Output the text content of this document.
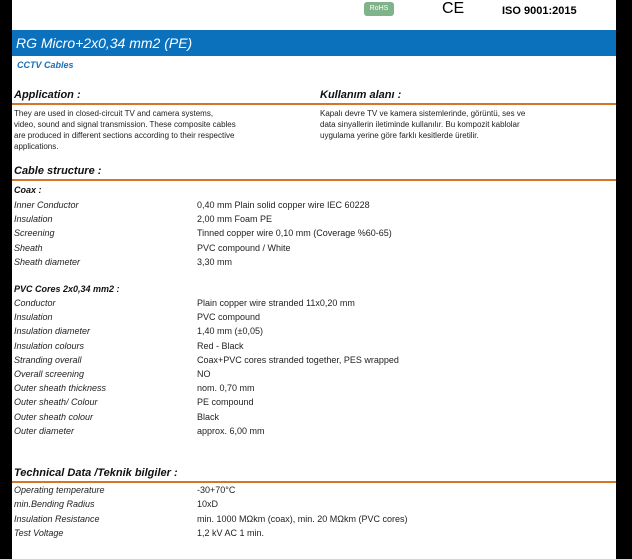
RoHS	CE	ISO 9001:2015
RG Micro+2x0,34 mm2 (PE)
CCTV Cables
Application :	Kullanım alanı :
They are used in closed-circuit TV and camera systems,
video, sound and signal transmission. These composite cables
are produced in different sections according to their respective
applications.
Kapalı devre TV ve kamera sistemlerinde, görüntü, ses ve
data sinyallerin iletiminde kullanılır. Bu kompozit kablolar
uygulama yerine göre farklı kesitlerde üretilir.
Cable structure :
Coax :
Inner Conductor	0,40 mm Plain solid copper wire IEC 60228
Insulation	2,00 mm Foam PE
Screening	Tinned copper wire 0,10 mm (Coverage %60-65)
Sheath	PVC compound / White
Sheath diameter	3,30 mm
PVC Cores 2x0,34 mm2 :
Conductor	Plain copper wire stranded 11x0,20 mm
Insulation	PVC compound
Insulation diameter	1,40 mm (±0,05)
Insulation colours	Red - Black
Stranding overall	Coax+PVC cores stranded together, PES wrapped
Overall screening	NO
Outer sheath thickness	nom. 0,70 mm
Outer sheath/ Colour	PE compound
Outer sheath colour	Black
Outer diameter	approx. 6,00 mm
Technical Data /Teknik bilgiler :
Operating temperature	-30+70°C
min.Bending Radius	10xD
Insulation Resistance	min. 1000 MΩkm (coax), min. 20 MΩkm (PVC cores)
Test Voltage	1,2 kV AC 1 min.
